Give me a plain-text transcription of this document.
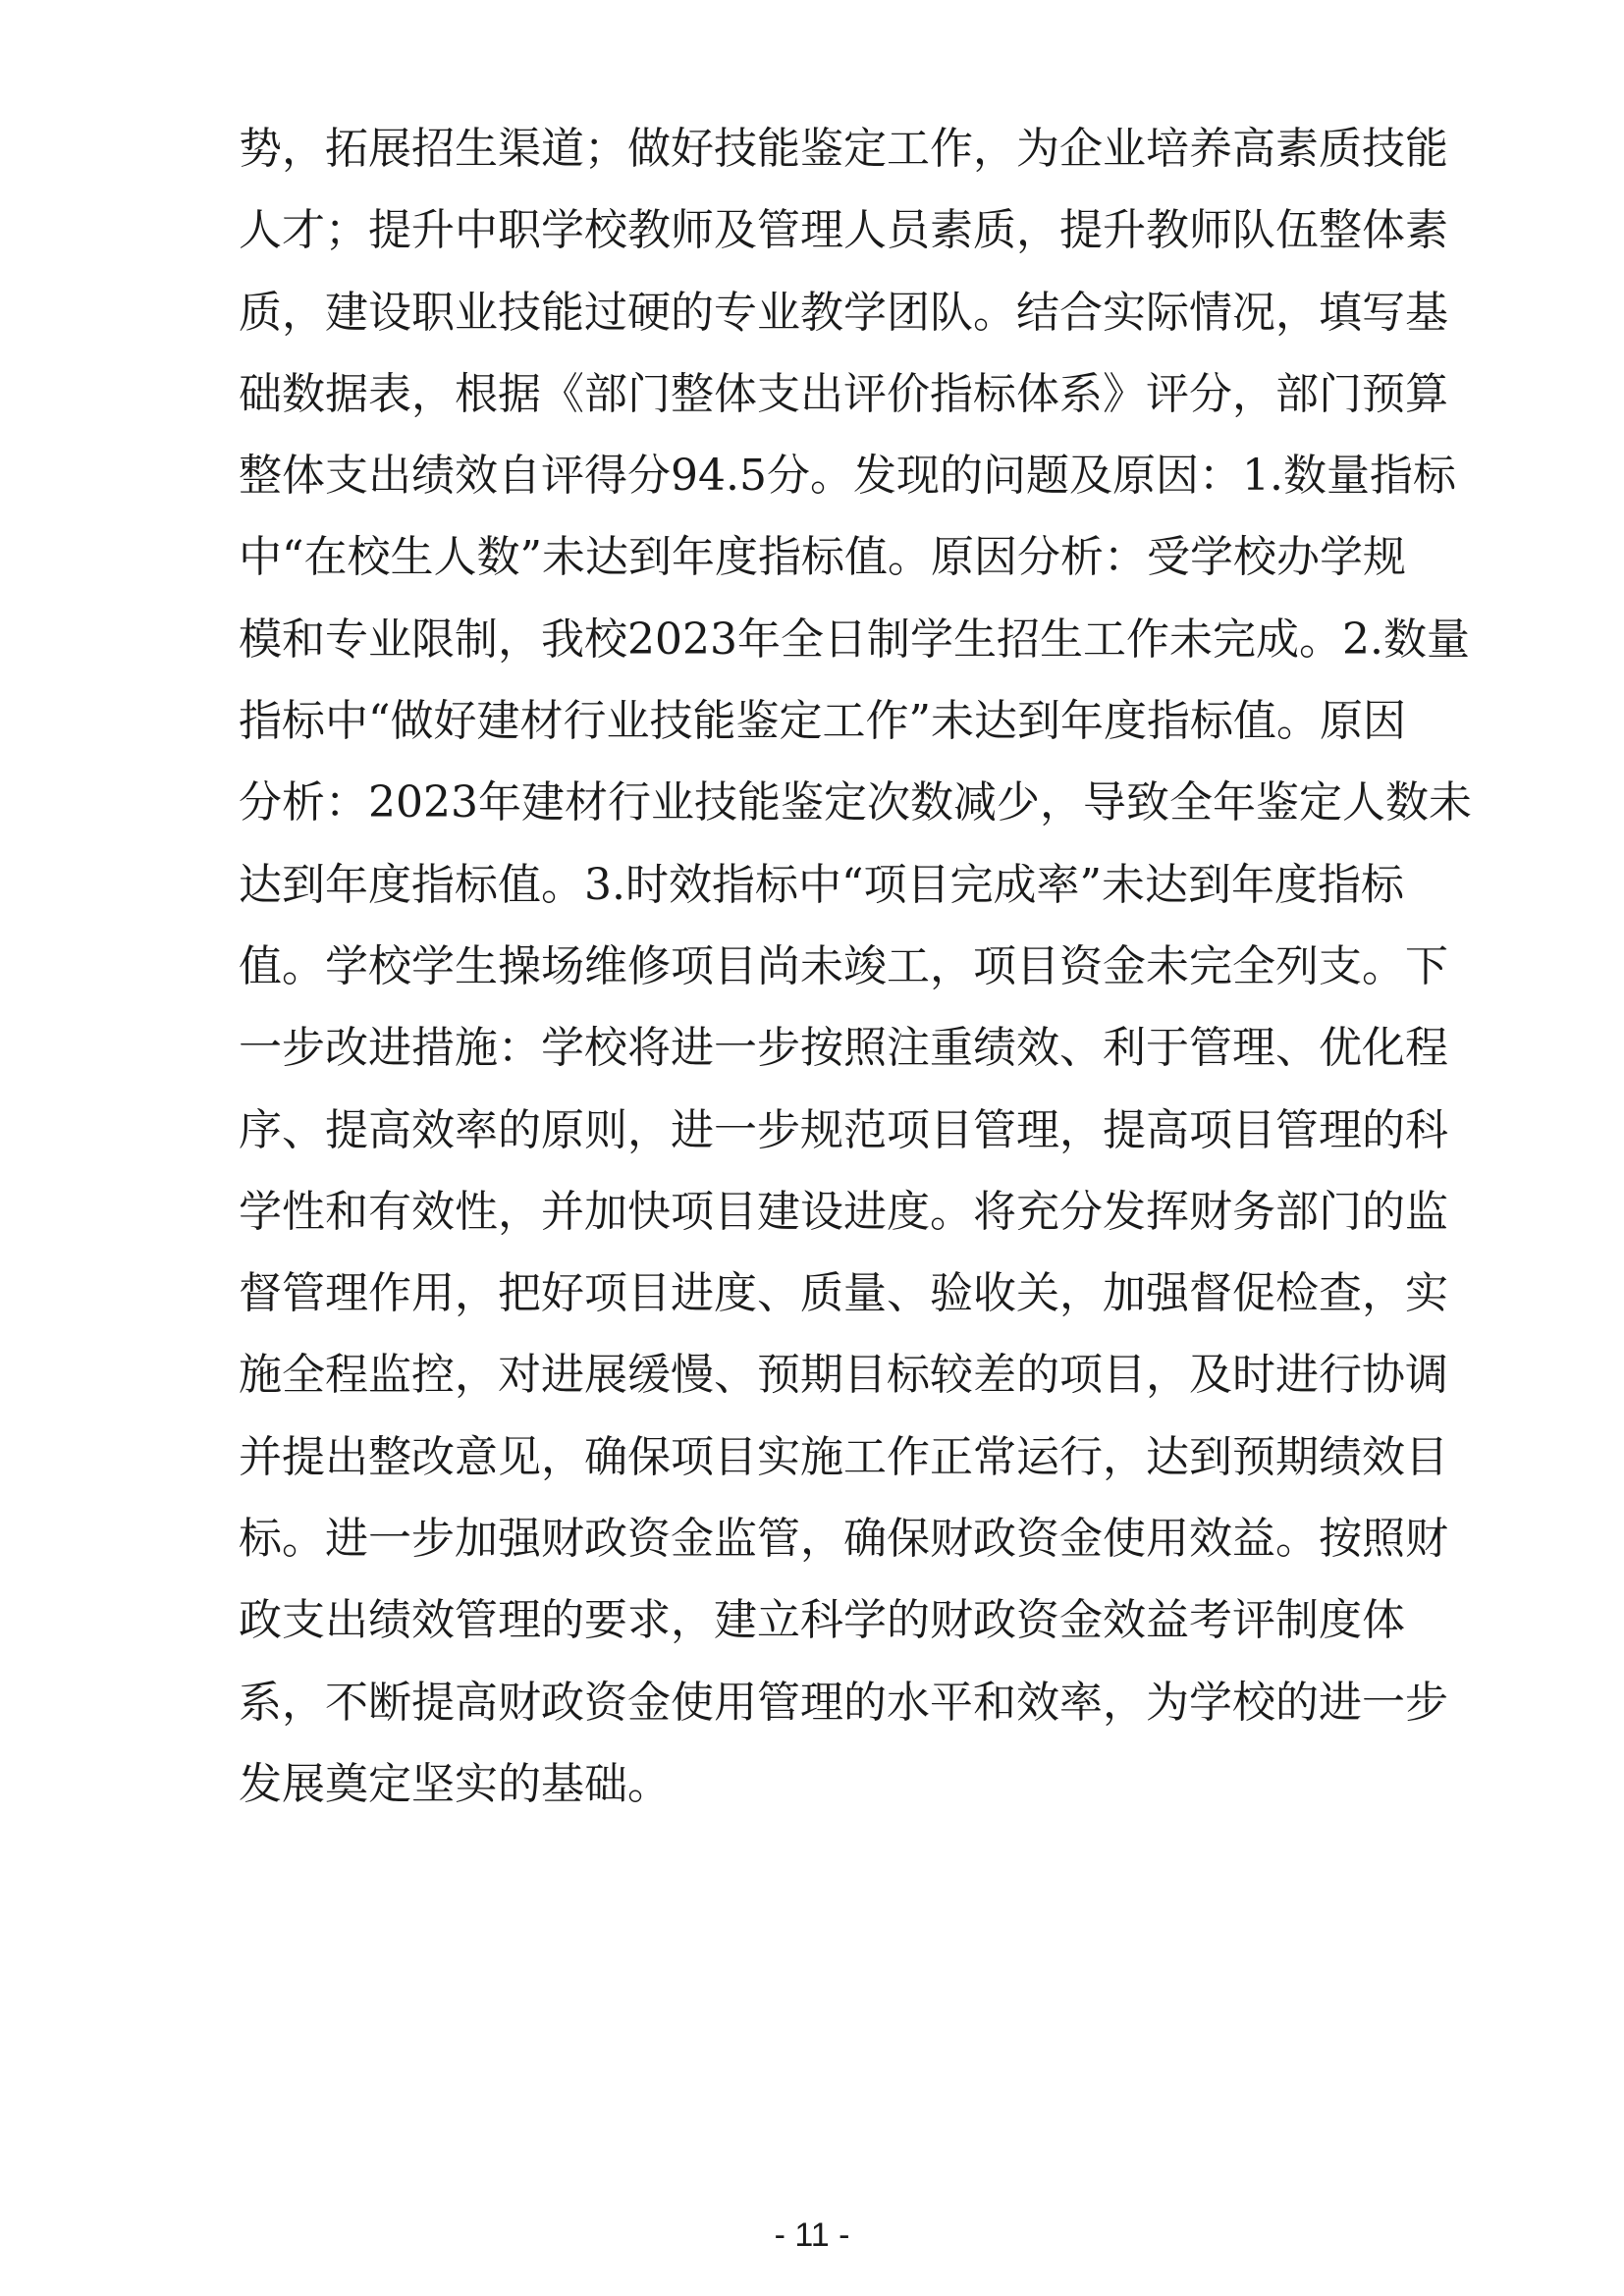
势，拓展招生渠道；做好技能鉴定工作，为企业培养高素质技能
人才；提升中职学校教师及管理人员素质，提升教师队伍整体素
质，建设职业技能过硬的专业教学团队。结合实际情况，填写基
础数据表，根据《部门整体支出评价指标体系》评分，部门预算
整体支出绩效自评得分94.5分。发现的问题及原因：1.数量指标
中“在校生人数”未达到年度指标值。原因分析：受学校办学规
模和专业限制，我校2023年全日制学生招生工作未完成。2.数量
指标中“做好建材行业技能鉴定工作”未达到年度指标值。原因
分析：2023年建材行业技能鉴定次数减少，导致全年鉴定人数未
达到年度指标值。3.时效指标中“项目完成率”未达到年度指标
值。学校学生操场维修项目尚未竣工，项目资金未完全列支。下
一步改进措施：学校将进一步按照注重绩效、利于管理、优化程
序、提高效率的原则，进一步规范项目管理，提高项目管理的科
学性和有效性，并加快项目建设进度。将充分发挥财务部门的监
督管理作用，把好项目进度、质量、验收关，加强督促检查，实
施全程监控，对进展缓慢、预期目标较差的项目，及时进行协调
并提出整改意见，确保项目实施工作正常运行，达到预期绩效目
标。进一步加强财政资金监管，确保财政资金使用效益。按照财
政支出绩效管理的要求，建立科学的财政资金效益考评制度体
系，不断提高财政资金使用管理的水平和效率，为学校的进一步
发展奠定坚实的基础。
- 11 -
